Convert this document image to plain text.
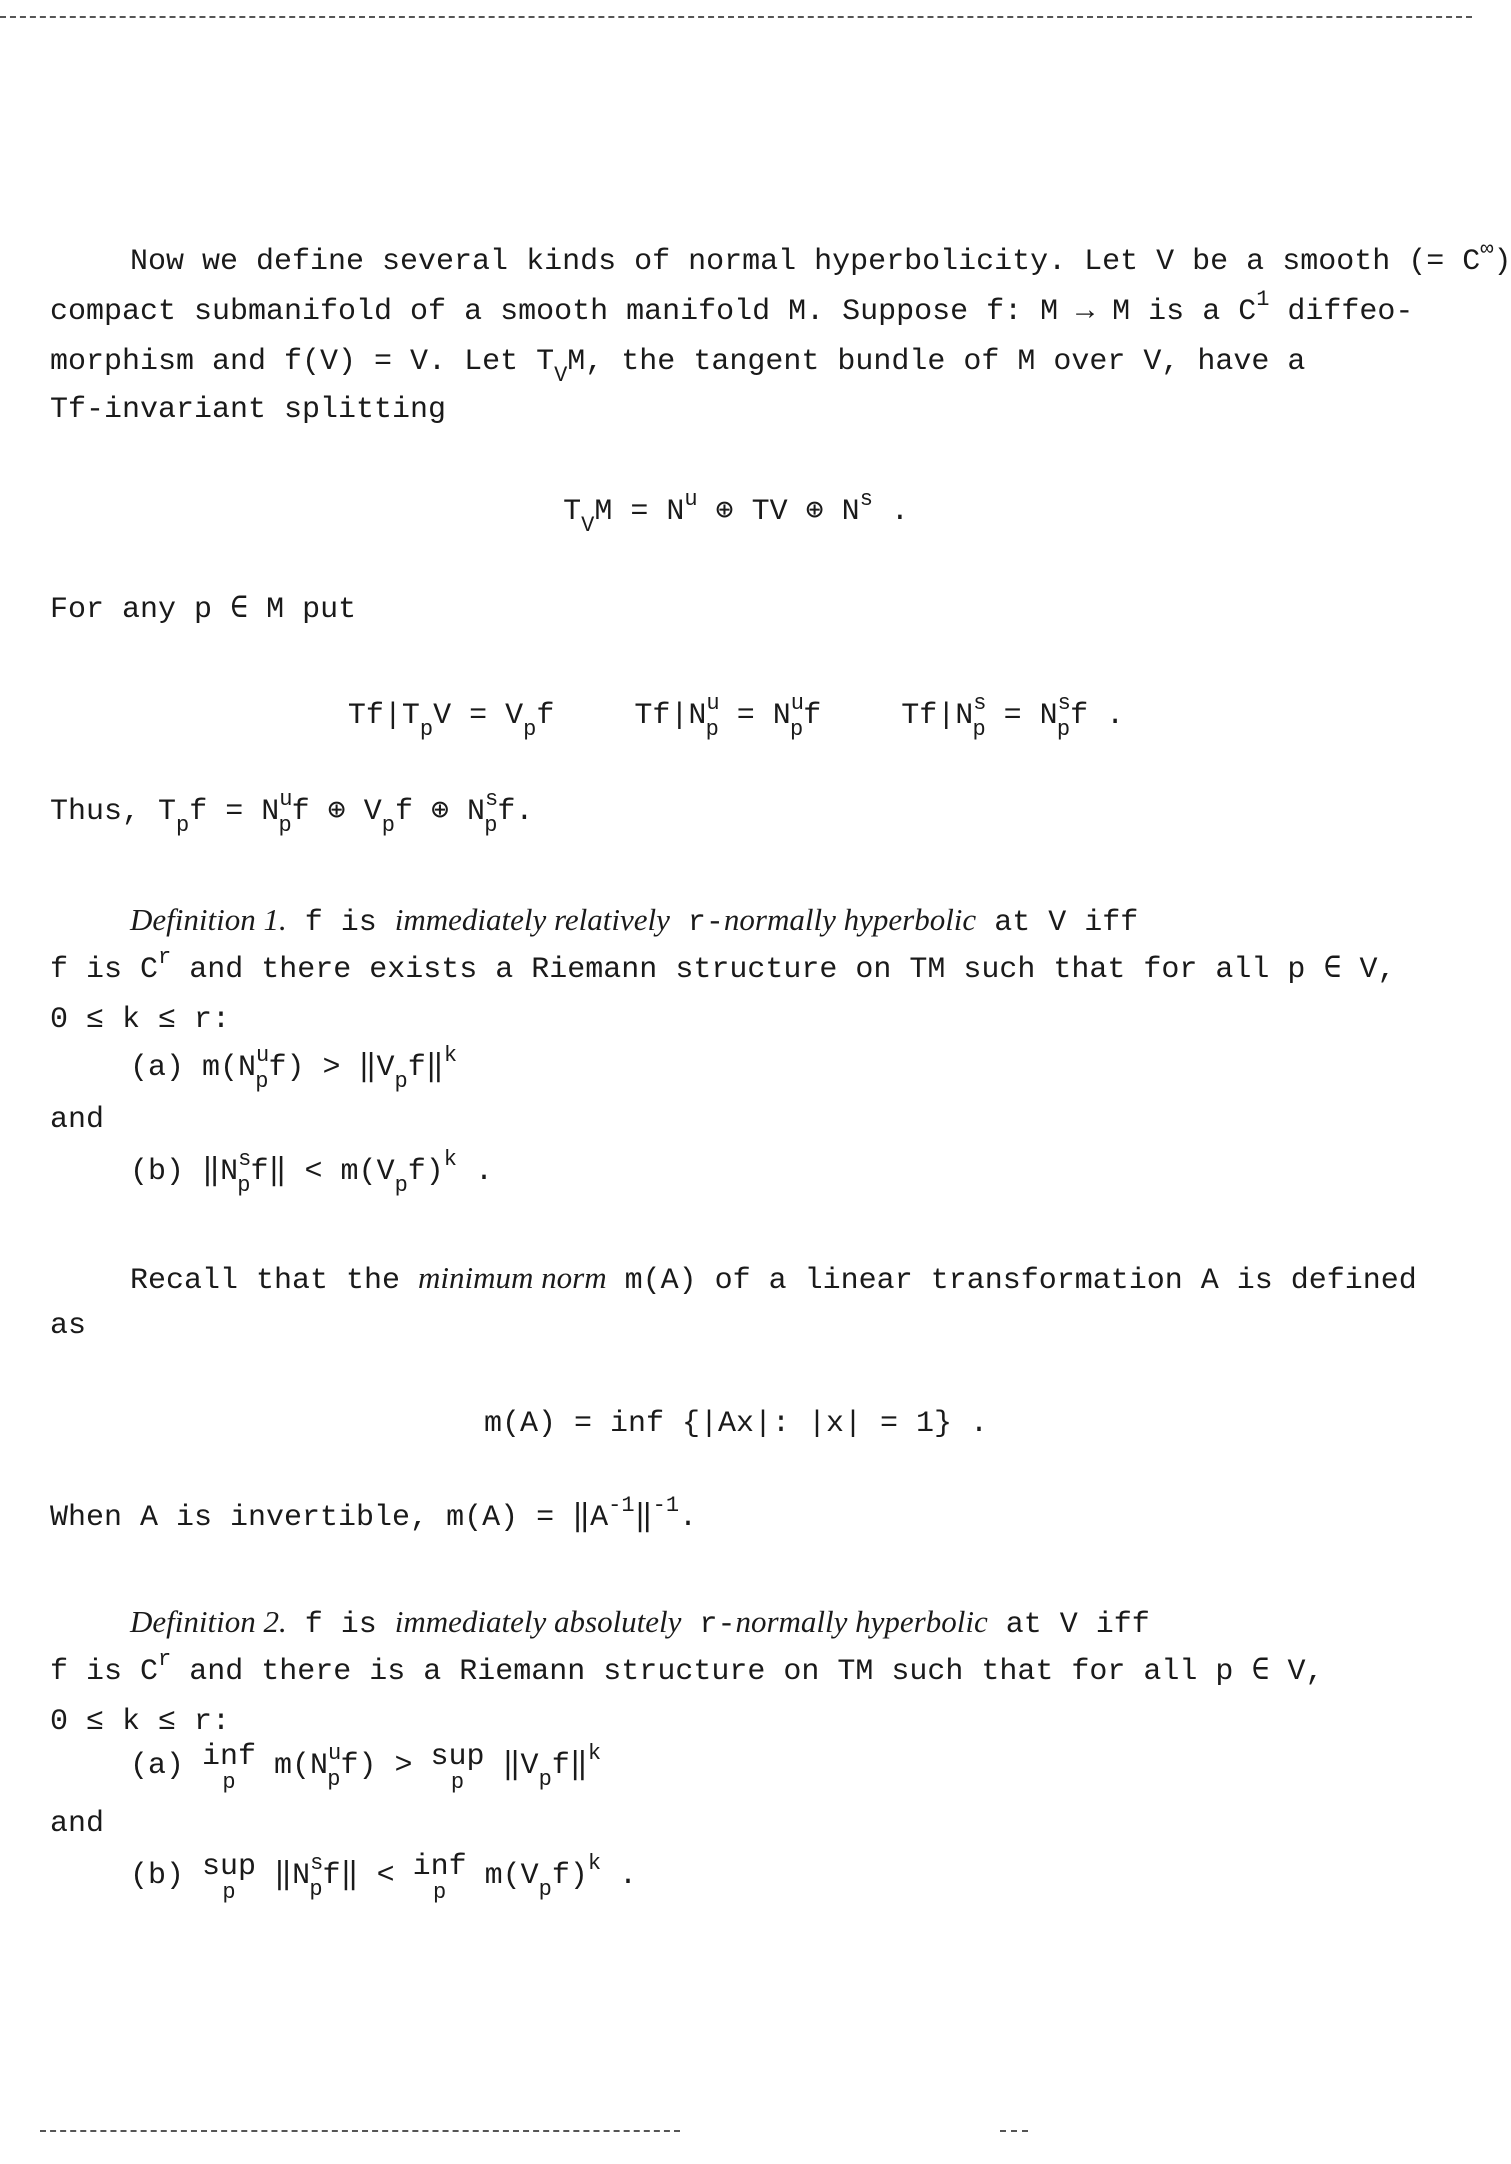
Now we define several kinds of normal hyperbolicity. Let V be a smooth (= C∞)
compact submanifold of a smooth manifold M. Suppose f: M → M is a $C^1$ diffeo-
morphism and f(V) = V. Let $T_VM$, the tangent bundle of M over V, have a
Tf-invariant splitting
$T_VM = N^u$ ⊕ TV ⊕ $N^s$ .
For any p ∈ M put
$Tf|T_pV = V_pf$	$Tf|N^u_p = N^u_pf$	$Tf|N^s_p = N^s_pf$ .
Thus, $T_pf = N^u_pf$ ⊕ $V_pf$ ⊕ $N^s_pf$.
Definition 1. f is immediately relatively r-normally hyperbolic at V iff
f is $C^r$ and there exists a Riemann structure on TM such that for all p ∈ V,
0 ≤ k ≤ r:
(a) $m(N^u_pf)$ > $‖V_pf‖^k$
and
(b) $‖N^s_pf‖ < m(V_pf)^k$ .
Recall that the minimum norm m(A) of a linear transformation A is defined
as
m(A) = inf {|Ax|: |x| = 1} .
When A is invertible, $m(A) = ‖A^{-1}‖^{-1}$.
Definition 2. f is immediately absolutely r-normally hyperbolic at V iff
f is $C^r$ and there is a Riemann structure on TM such that for all p ∈ V,
0 ≤ k ≤ r:
(a) inf
p $m(N^u_pf)$ > sup
p $‖V_pf‖^k$
and
(b) sup
p $‖N^s_pf‖$ < inf
p $m(V_pf)^k$ .
